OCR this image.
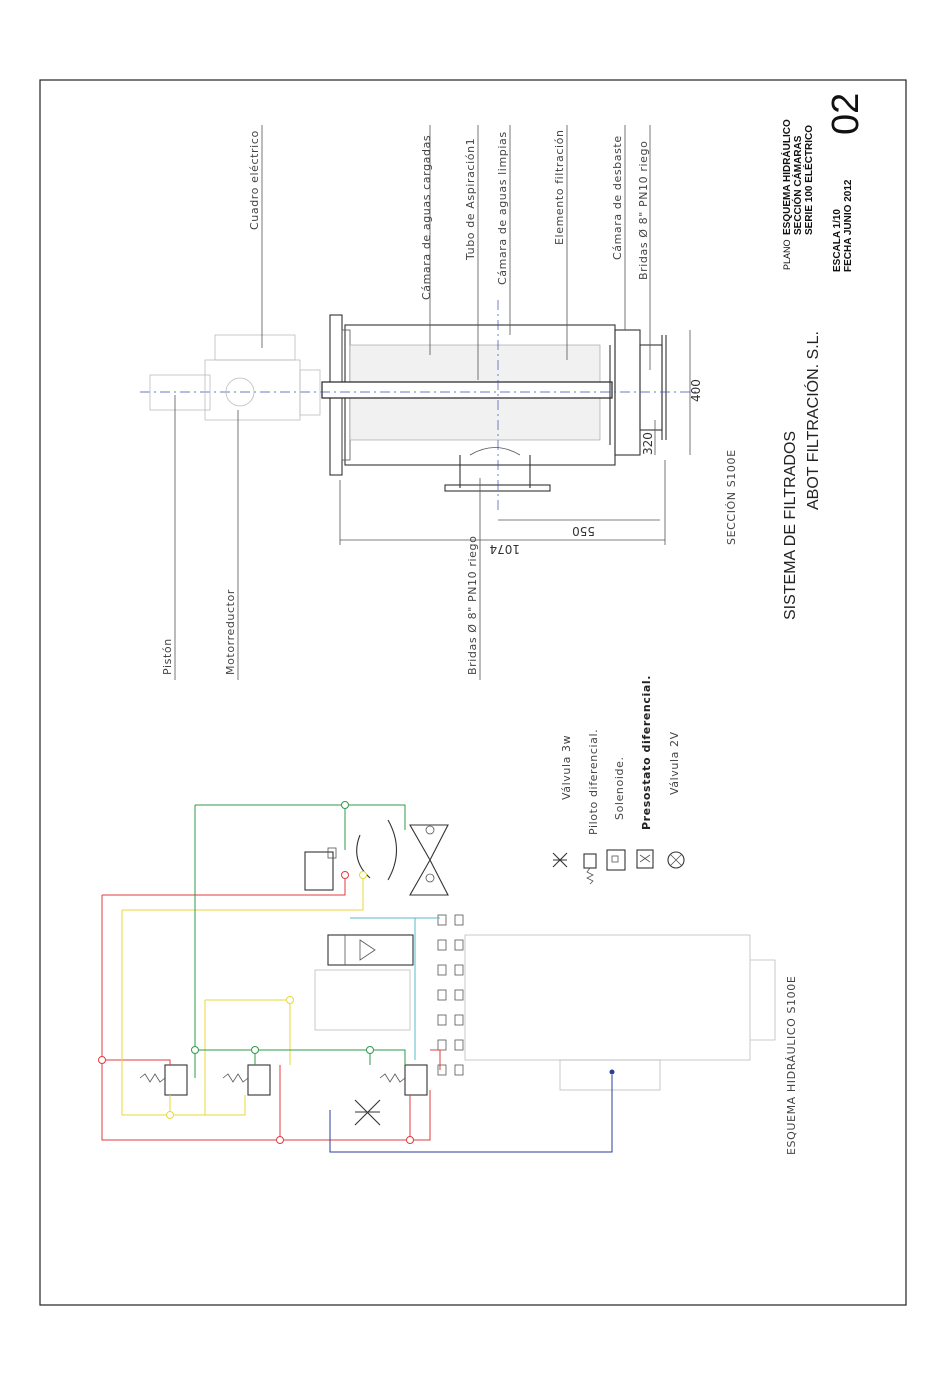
PLANO
ESQUEMA HIDRÁULICO SECCIÓN CÁMARAS SERIE 100 ELÉCTRICO
ESCALA 1/10 FECHA JUNIO 2012
02
SISTEMA DE FILTRADOS
ABOT FILTRACIÓN. S.L.
400
320
550
1074
Cuadro eléctrico	Cámara de aguas cargadas	Tubo de Aspiración1 Cámara de aguas limpias	Elemento filtración	Cámara de desbaste Bridas Ø 8" PN10 riego
Pistón	Motorreductor	Bridas Ø 8" PN10 riego
SECCIÓN S100E
Válvula 3w Piloto diferencial. Solenoide. Presostato diferencial. Válvula 2V
ESQUEMA HIDRÁULICO S100E
